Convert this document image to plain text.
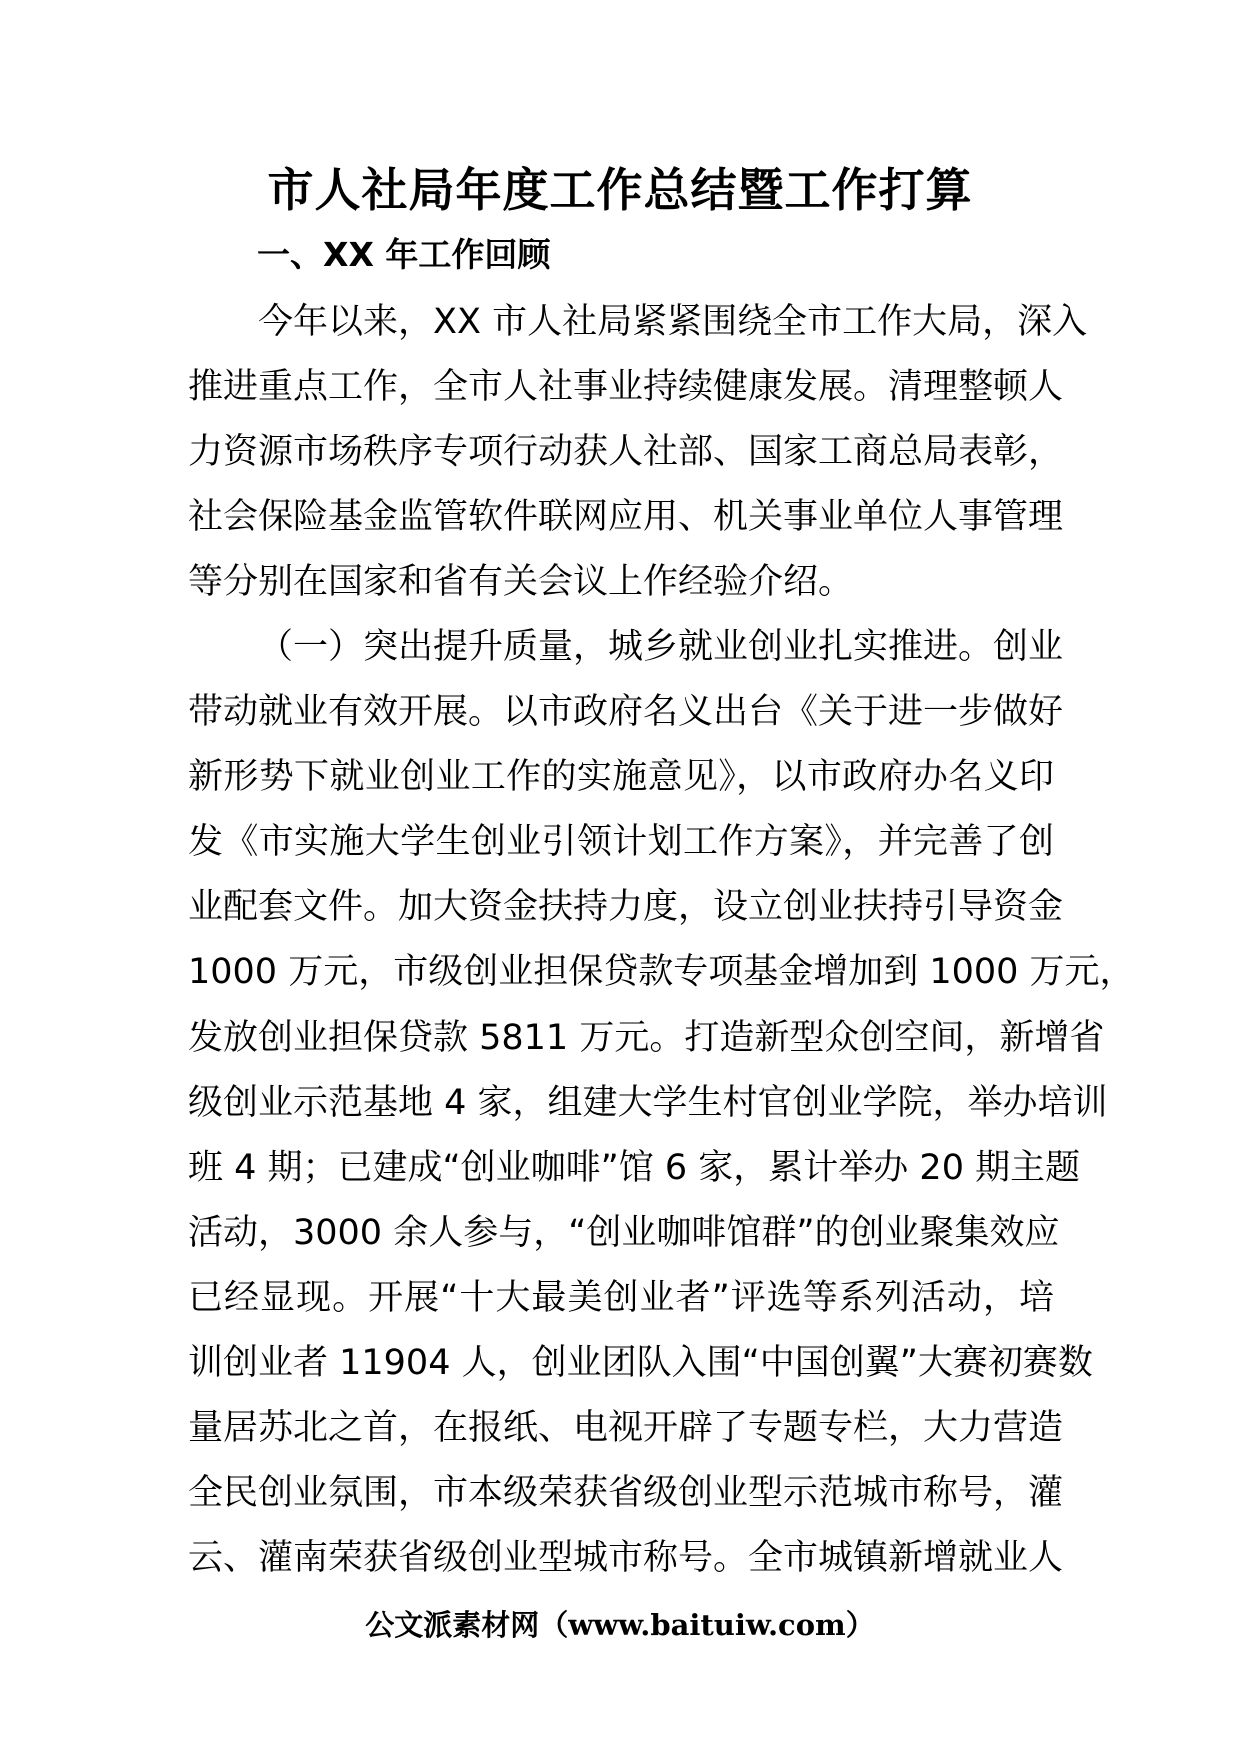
市人社局年度工作总结暨工作打算
一、XX 年工作回顾
今年以来，XX 市人社局紧紧围绕全市工作大局，深入
推进重点工作，全市人社事业持续健康发展。清理整顿人
力资源市场秩序专项行动获人社部、国家工商总局表彰，
社会保险基金监管软件联网应用、机关事业单位人事管理
等分别在国家和省有关会议上作经验介绍。
（一）突出提升质量，城乡就业创业扎实推进。创业
带动就业有效开展。以市政府名义出台《关于进一步做好
新形势下就业创业工作的实施意见》，以市政府办名义印
发《市实施大学生创业引领计划工作方案》，并完善了创
业配套文件。加大资金扶持力度，设立创业扶持引导资金
1000 万元，市级创业担保贷款专项基金增加到 1000 万元，
发放创业担保贷款 5811 万元。打造新型众创空间，新增省
级创业示范基地 4 家，组建大学生村官创业学院，举办培训
班 4 期；已建成“创业咖啡”馆 6 家，累计举办 20 期主题
活动，3000 余人参与，“创业咖啡馆群”的创业聚集效应
已经显现。开展“十大最美创业者”评选等系列活动，培
训创业者 11904 人，创业团队入围“中国创翼”大赛初赛数
量居苏北之首，在报纸、电视开辟了专题专栏，大力营造
全民创业氛围，市本级荣获省级创业型示范城市称号，灌
云、灌南荣获省级创业型城市称号。全市城镇新增就业人
公文派素材网（www.baituiw.com）
